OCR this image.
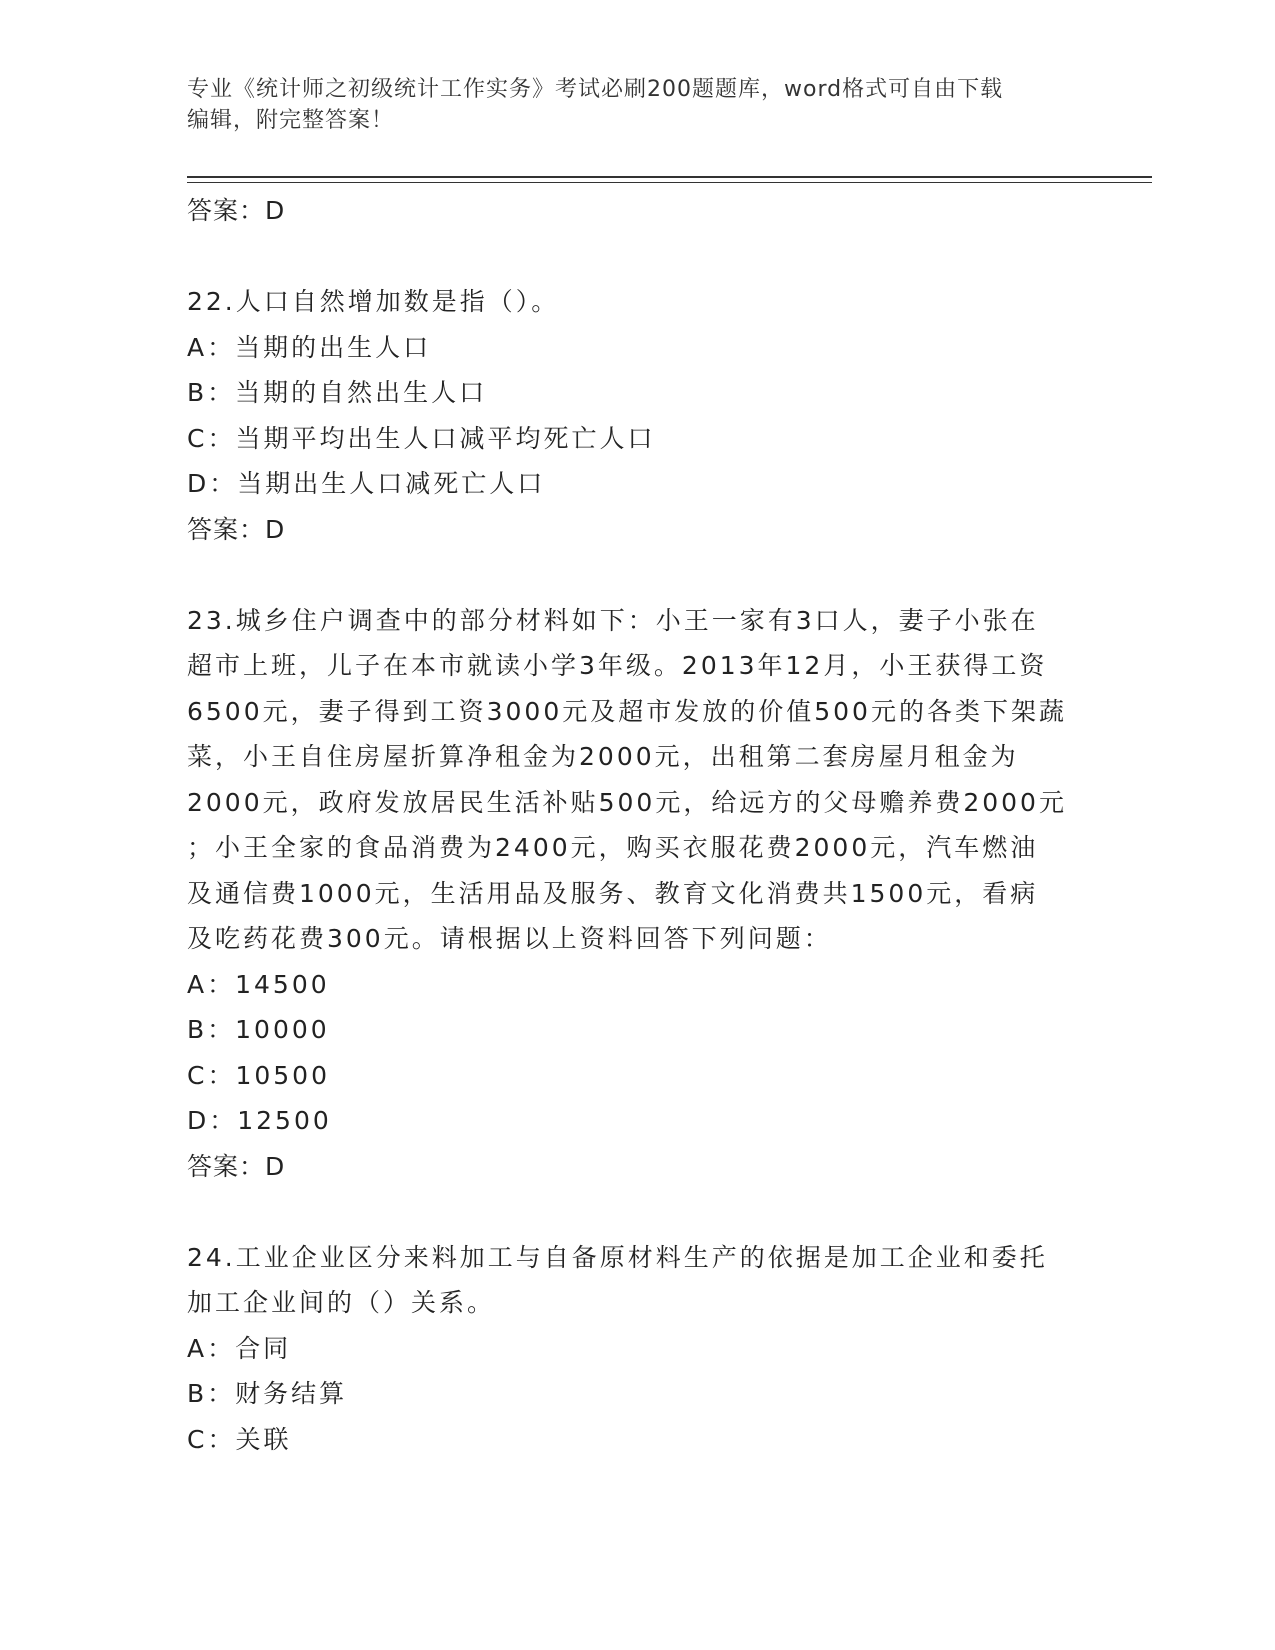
专业《统计师之初级统计工作实务》考试必刷200题题库，word格式可自由下载
编辑，附完整答案！
答案：D
22.人口自然增加数是指（）。
A：当期的出生人口
B：当期的自然出生人口
C：当期平均出生人口减平均死亡人口
D：当期出生人口减死亡人口
答案：D
23.城乡住户调查中的部分材料如下：小王一家有3口人，妻子小张在
超市上班，儿子在本市就读小学3年级。2013年12月，小王获得工资
6500元，妻子得到工资3000元及超市发放的价值500元的各类下架蔬
菜，小王自住房屋折算净租金为2000元，出租第二套房屋月租金为
2000元，政府发放居民生活补贴500元，给远方的父母赡养费2000元
；小王全家的食品消费为2400元，购买衣服花费2000元，汽车燃油
及通信费1000元，生活用品及服务、教育文化消费共1500元，看病
及吃药花费300元。请根据以上资料回答下列问题：
A：14500
B：10000
C：10500
D：12500
答案：D
24.工业企业区分来料加工与自备原材料生产的依据是加工企业和委托
加工企业间的（）关系。
A：合同
B：财务结算
C：关联
